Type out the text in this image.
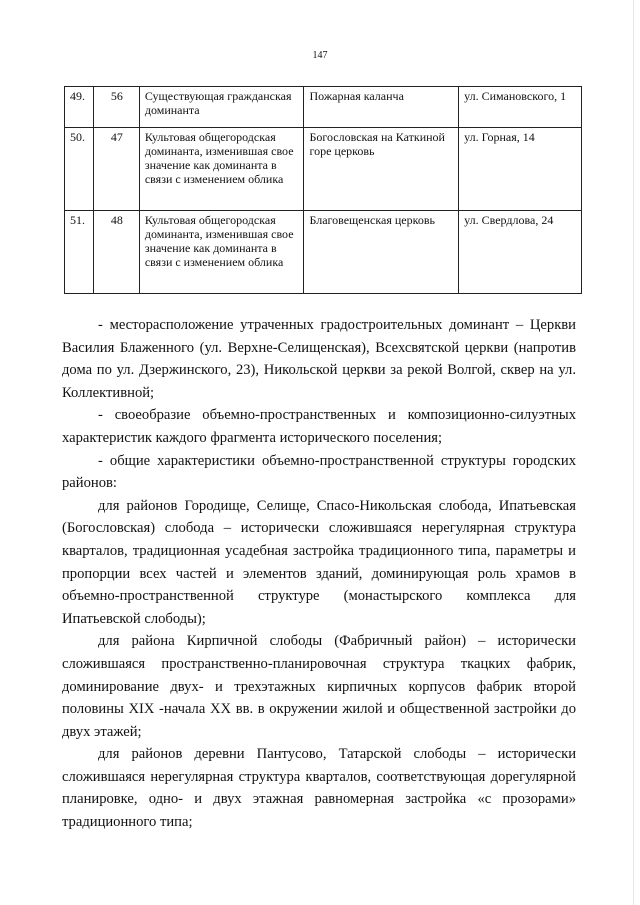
147
49.	56	Существующая гражданская доминанта	Пожарная каланча	ул. Симановского, 1
50.	47	Культовая общегородская доминанта, изменившая свое значение как доминанта в связи с изменением облика	Богословская на Каткиной горе церковь	ул. Горная, 14
51.	48	Культовая общегородская доминанта, изменившая свое значение как доминанта в связи с изменением облика	Благовещенская церковь	ул. Свердлова, 24

- месторасположение утраченных градостроительных доминант – Церкви Василия Блаженного (ул. Верхне-Селищенская), Всехсвятской церкви (напротив дома по ул. Дзержинского, 23), Никольской церкви за рекой Волгой, сквер на ул. Коллективной;

- своеобразие объемно-пространственных и композиционно-силуэтных характеристик каждого фрагмента исторического поселения;

- общие характеристики объемно-пространственной структуры городских районов:

для районов Городище, Селище, Спасо-Никольская слобода, Ипатьевская (Богословская) слобода – исторически сложившаяся нерегулярная структура кварталов, традиционная усадебная застройка традиционного типа, параметры и пропорции всех частей и элементов зданий, доминирующая роль храмов в объемно-пространственной структуре (монастырского комплекса для Ипатьевской слободы);

для района Кирпичной слободы (Фабричный район) – исторически сложившаяся пространственно-планировочная структура ткацких фабрик, доминирование двух- и трехэтажных кирпичных корпусов фабрик второй половины XIX -начала XX вв. в окружении жилой и общественной застройки до двух этажей;

для районов деревни Пантусово, Татарской слободы – исторически сложившаяся нерегулярная структура кварталов, соответствующая дорегулярной планировке, одно- и двух этажная равномерная застройка «с прозорами» традиционного типа;
